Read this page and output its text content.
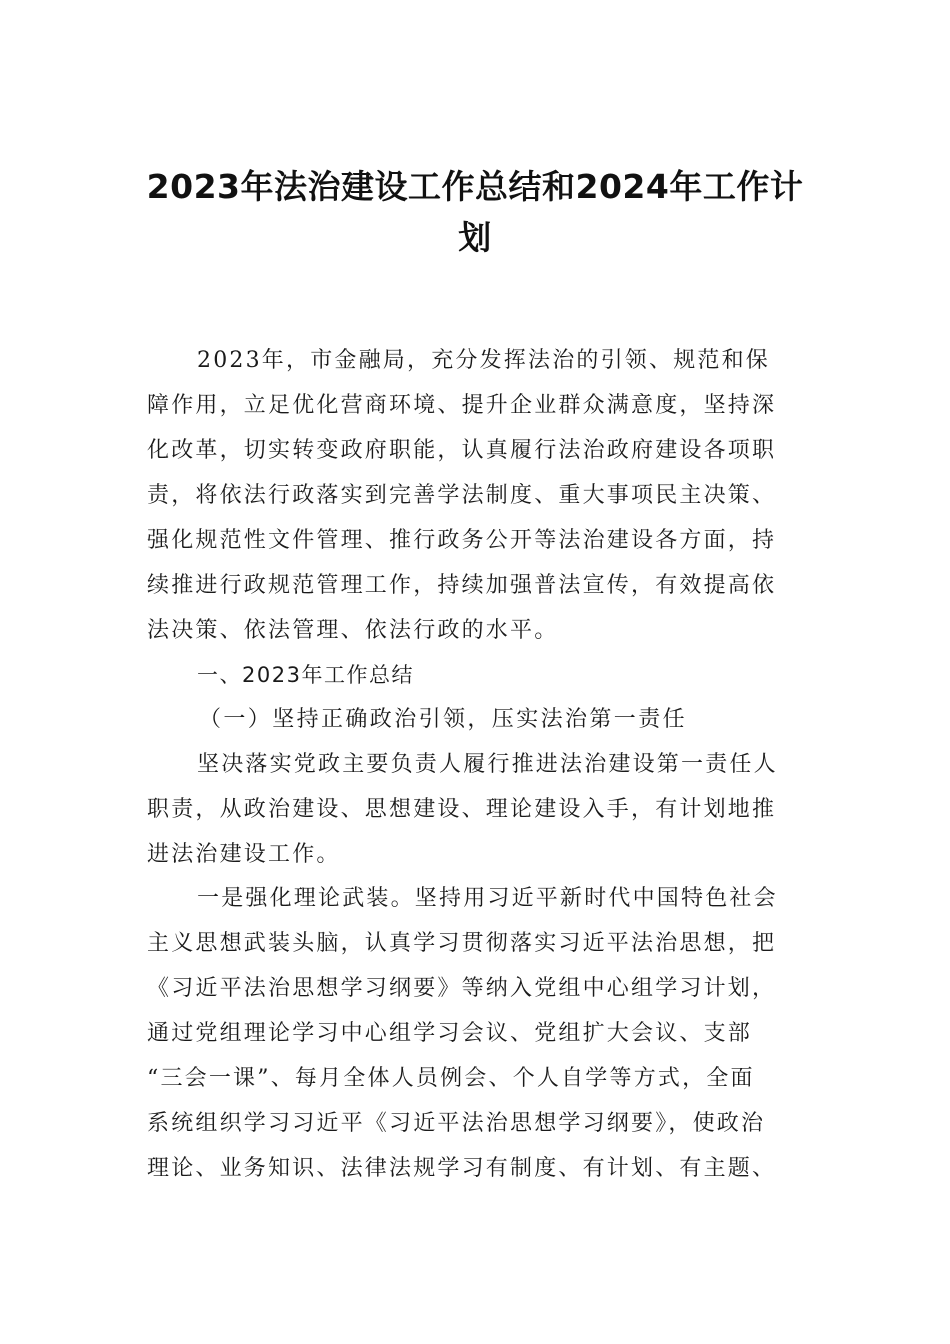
2023年法治建设工作总结和2024年工作计
划

2023年，市金融局，充分发挥法治的引领、规范和保

障作用，立足优化营商环境、提升企业群众满意度，坚持深

化改革，切实转变政府职能，认真履行法治政府建设各项职

责，将依法行政落实到完善学法制度、重大事项民主决策、

强化规范性文件管理、推行政务公开等法治建设各方面，持

续推进行政规范管理工作，持续加强普法宣传，有效提高依

法决策、依法管理、依法行政的水平。

一、2023年工作总结

（一）坚持正确政治引领，压实法治第一责任

坚决落实党政主要负责人履行推进法治建设第一责任人

职责，从政治建设、思想建设、理论建设入手，有计划地推

进法治建设工作。

一是强化理论武装。坚持用习近平新时代中国特色社会

主义思想武装头脑，认真学习贯彻落实习近平法治思想，把

《习近平法治思想学习纲要》等纳入党组中心组学习计划，

通过党组理论学习中心组学习会议、党组扩大会议、支部

“三会一课”、每月全体人员例会、个人自学等方式，全面

系统组织学习习近平《习近平法治思想学习纲要》，使政治

理论、业务知识、法律法规学习有制度、有计划、有主题、
